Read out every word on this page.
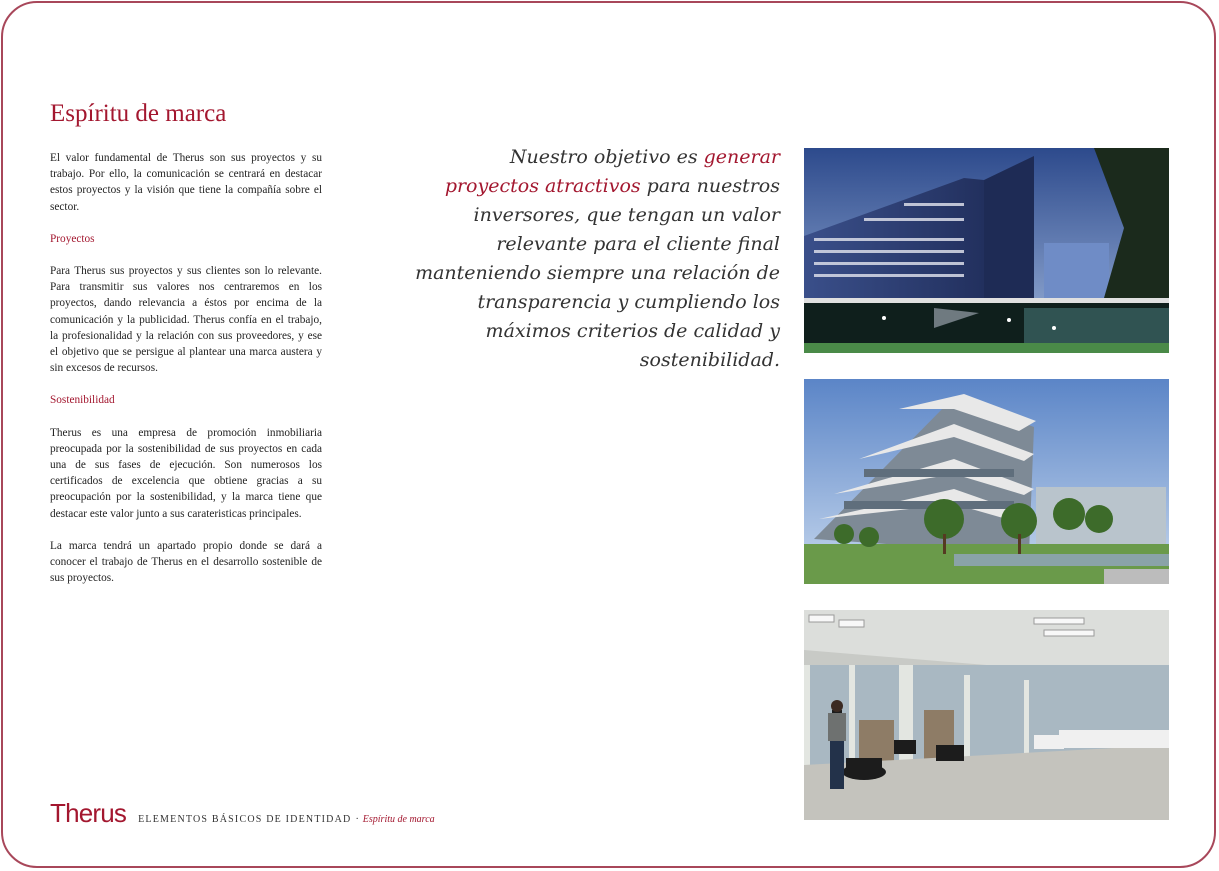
Espíritu de marca

El valor fundamental de Therus son sus proyectos y su trabajo. Por ello, la comunicación se centrará en destacar estos proyectos y la visión que tiene la compañía sobre el sector.

Proyectos

Para Therus sus proyectos y sus clientes son lo relevante. Para transmitir sus valores nos centraremos en los proyectos, dando relevancia a éstos por encima de la comunicación y la publicidad. Therus confía en el trabajo, la profesionalidad y la relación con sus proveedores, y ese el objetivo que se persigue al plantear una marca austera y sin excesos de recursos.

Sostenibilidad

Therus es una empresa de promoción inmobiliaria preocupada por la sostenibilidad de sus proyectos en cada una de sus fases de ejecución. Son numerosos los certificados de excelencia que obtiene gracias a su preocupación por la sostenibilidad, y la marca tiene que destacar este valor junto a sus carateristicas principales.

La marca tendrá un apartado propio donde se dará a conocer el trabajo de Therus en el desarrollo sostenible de sus proyectos.

Nuestro objetivo es generar proyectos atractivos para nuestros inversores, que tengan un valor relevante para el cliente final manteniendo siempre una relación de transparencia y cumpliendo los máximos criterios de calidad y sostenibilidad.

Therus ELEMENTOS BÁSICOS DE IDENTIDAD · Espíritu de marca
